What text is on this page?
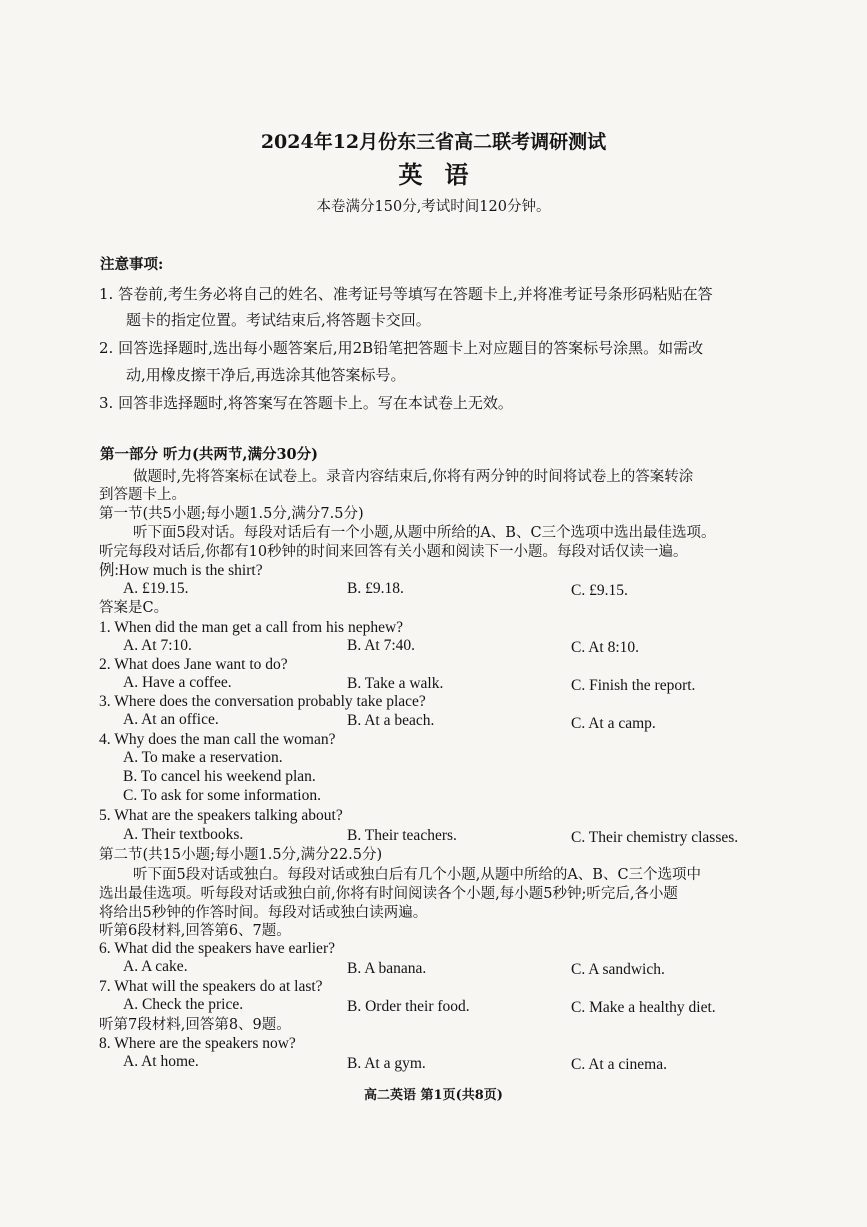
2024年12月份东三省高二联考调研测试
英语
本卷满分150分,考试时间120分钟。
注意事项:
1. 答卷前,考生务必将自己的姓名、准考证号等填写在答题卡上,并将准考证号条形码粘贴在答
题卡的指定位置。考试结束后,将答题卡交回。
2. 回答选择题时,选出每小题答案后,用2B铅笔把答题卡上对应题目的答案标号涂黑。如需改
动,用橡皮擦干净后,再选涂其他答案标号。
3. 回答非选择题时,将答案写在答题卡上。写在本试卷上无效。
第一部分 听力(共两节,满分30分)
做题时,先将答案标在试卷上。录音内容结束后,你将有两分钟的时间将试卷上的答案转涂
到答题卡上。
第一节(共5小题;每小题1.5分,满分7.5分)
听下面5段对话。每段对话后有一个小题,从题中所给的A、B、C三个选项中选出最佳选项。
听完每段对话后,你都有10秒钟的时间来回答有关小题和阅读下一小题。每段对话仅读一遍。
例:How much is the shirt?
A. £19.15.	B. £9.18.	C. £9.15.
答案是C。
1. When did the man get a call from his nephew?
A. At 7:10.	B. At 7:40.	C. At 8:10.
2. What does Jane want to do?
A. Have a coffee.	B. Take a walk.	C. Finish the report.
3. Where does the conversation probably take place?
A. At an office.	B. At a beach.	C. At a camp.
4. Why does the man call the woman?
A. To make a reservation.
B. To cancel his weekend plan.
C. To ask for some information.
5. What are the speakers talking about?
A. Their textbooks.	B. Their teachers.	C. Their chemistry classes.
第二节(共15小题;每小题1.5分,满分22.5分)
听下面5段对话或独白。每段对话或独白后有几个小题,从题中所给的A、B、C三个选项中
选出最佳选项。听每段对话或独白前,你将有时间阅读各个小题,每小题5秒钟;听完后,各小题
将给出5秒钟的作答时间。每段对话或独白读两遍。
听第6段材料,回答第6、7题。
6. What did the speakers have earlier?
A. A cake.	B. A banana.	C. A sandwich.
7. What will the speakers do at last?
A. Check the price.	B. Order their food.	C. Make a healthy diet.
听第7段材料,回答第8、9题。
8. Where are the speakers now?
A. At home.	B. At a gym.	C. At a cinema.
高二英语 第1页(共8页)
